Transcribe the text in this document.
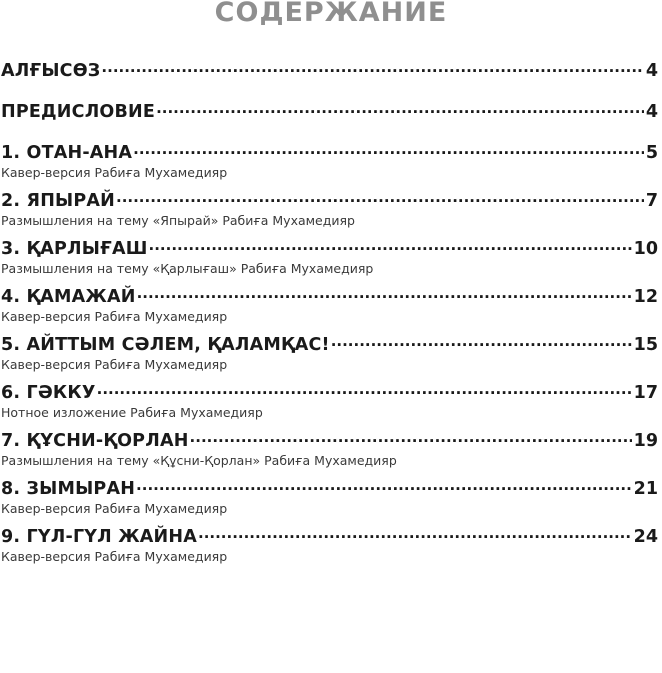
СОДЕРЖАНИЕ
АЛҒЫСӨЗ .....	4
ПРЕДИСЛОВИЕ .....	4
1. ОТАН-АНА .....	5
Кавер-версия Рабиға Мухамедияр
2. ЯПЫРАЙ .....	7
Размышления на тему «Япырай» Рабиға Мухамедияр
3. ҚАРЛЫҒАШ .....	10
Размышления на тему «Қарлығаш» Рабиға Мухамедияр
4. ҚАМАЖАЙ .....	12
Кавер-версия Рабиға Мухамедияр
5. АЙТТЫМ СӘЛЕМ, ҚАЛАМҚАС! .....	15
Кавер-версия Рабиға Мухамедияр
6. ГӘККУ .....	17
Нотное изложение Рабиға Мухамедияр
7. ҚҰСНИ-ҚОРЛАН .....	19
Размышления на тему «Құсни-Қорлан» Рабиға Мухамедияр
8. ЗЫМЫРАН .....	21
Кавер-версия Рабиға Мухамедияр
9. ГҮЛ-ГҮЛ ЖАЙНА .....	24
Кавер-версия Рабиға Мухамедияр
